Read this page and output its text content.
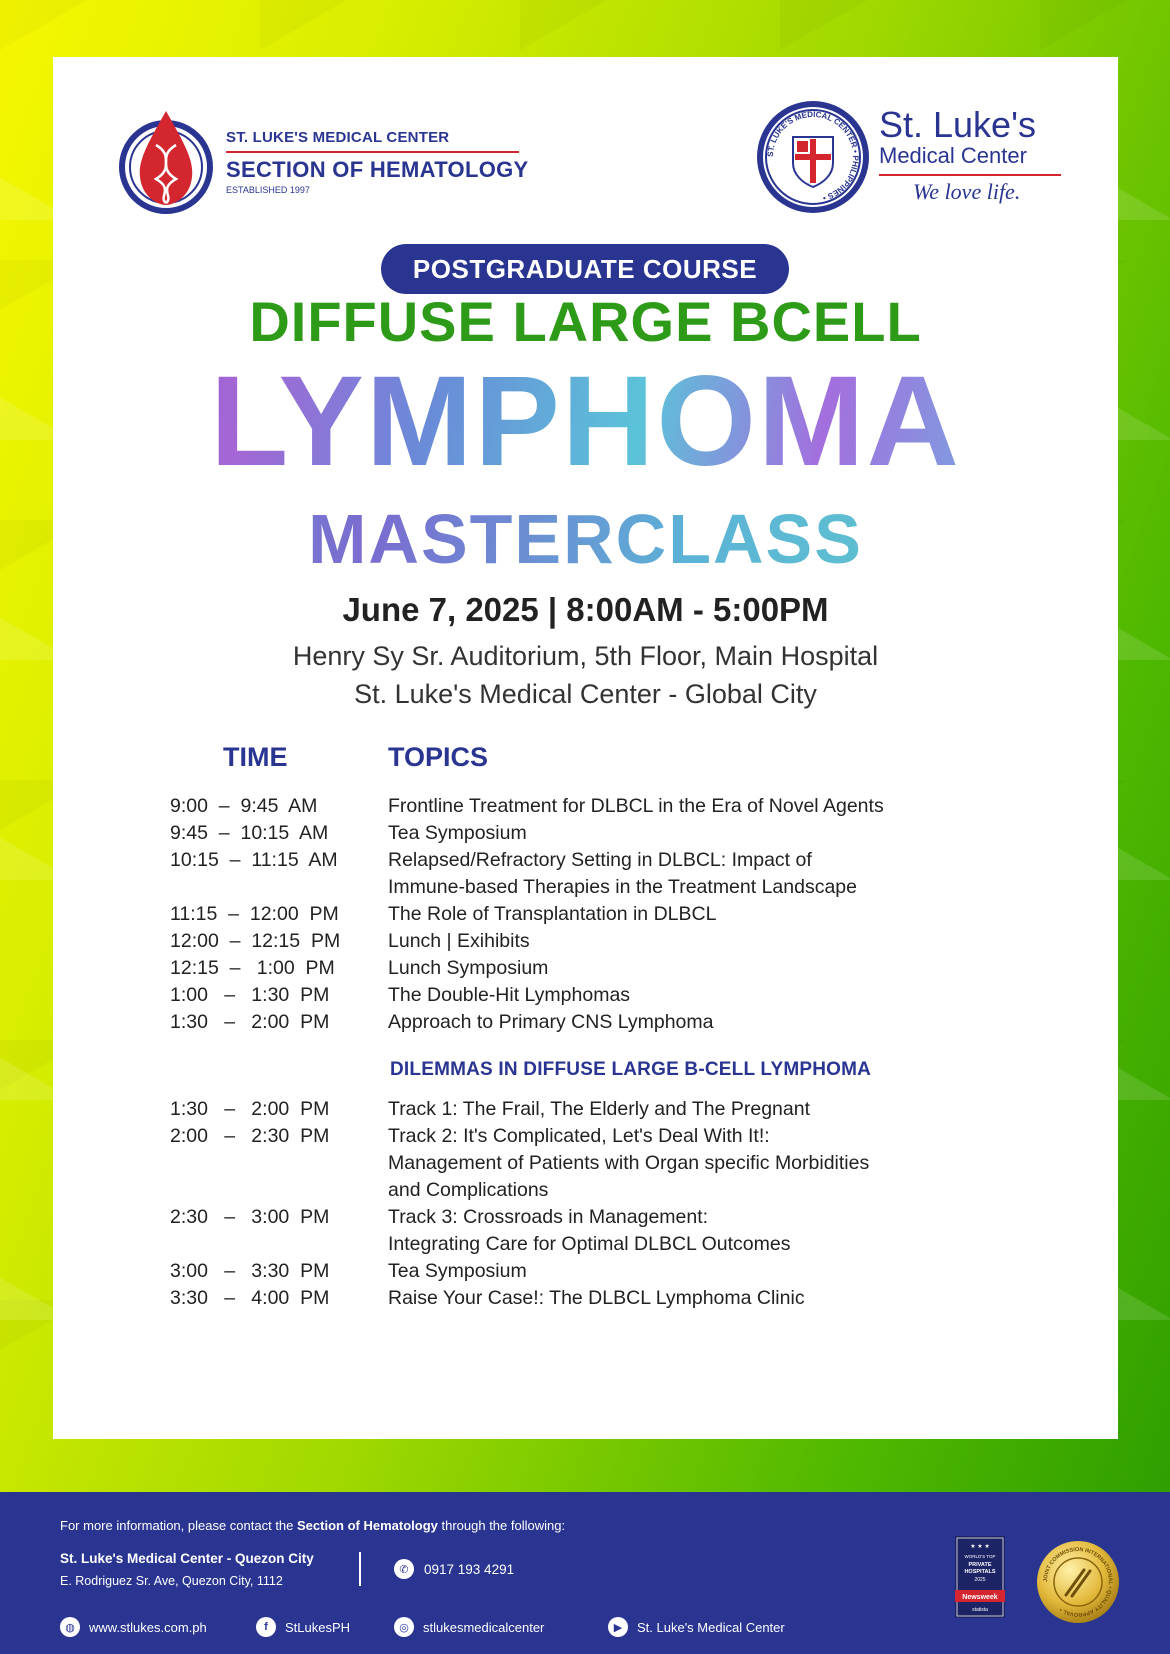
ST. LUKE'S MEDICAL CENTER
SECTION OF HEMATOLOGY
ESTABLISHED 1997
ST. LUKE'S MEDICAL CENTER • PHILIPPINES •
St. Luke's
Medical Center
We love life.
POSTGRADUATE COURSE
DIFFUSE LARGE BCELL
LYMPHOMA
MASTERCLASS
June 7, 2025 | 8:00AM - 5:00PM
Henry Sy Sr. Auditorium, 5th Floor, Main Hospital
St. Luke's Medical Center - Global City
TIME	TOPICS
9:00  –  9:45  AM	Frontline Treatment for DLBCL in the Era of Novel Agents
9:45  –  10:15  AM	Tea Symposium
10:15  –  11:15  AM	Relapsed/Refractory Setting in DLBCL: Impact of
Immune-based Therapies in the Treatment Landscape
11:15  –  12:00  PM	The Role of Transplantation in DLBCL
12:00  –  12:15  PM	Lunch | Exihibits
12:15  –   1:00  PM	Lunch Symposium
1:00   –   1:30  PM	The Double-Hit Lymphomas
1:30   –   2:00  PM	Approach to Primary CNS Lymphoma
DILEMMAS IN DIFFUSE LARGE B-CELL LYMPHOMA
1:30   –   2:00  PM	Track 1: The Frail, The Elderly and The Pregnant
2:00   –   2:30  PM	Track 2: It's Complicated, Let's Deal With It!:
Management of Patients with Organ specific Morbidities
and Complications
2:30   –   3:00  PM	Track 3: Crossroads in Management:
Integrating Care for Optimal DLBCL Outcomes
3:00   –   3:30  PM	Tea Symposium
3:30   –   4:00  PM	Raise Your Case!: The DLBCL Lymphoma Clinic
For more information, please contact the Section of Hematology through the following:
St. Luke's Medical Center - Quezon City
E. Rodriguez Sr. Ave, Quezon City, 1112
✆	0917 193 4291
◍	www.stlukes.com.ph	f	StLukesPH	◎	stlukesmedicalcenter	▶	St. Luke's Medical Center
★ ★ ★
WORLD'S TOP
PRIVATE
HOSPITALS
2025
Newsweek
statista
JOINT COMMISSION INTERNATIONAL • QUALITY APPROVAL •
